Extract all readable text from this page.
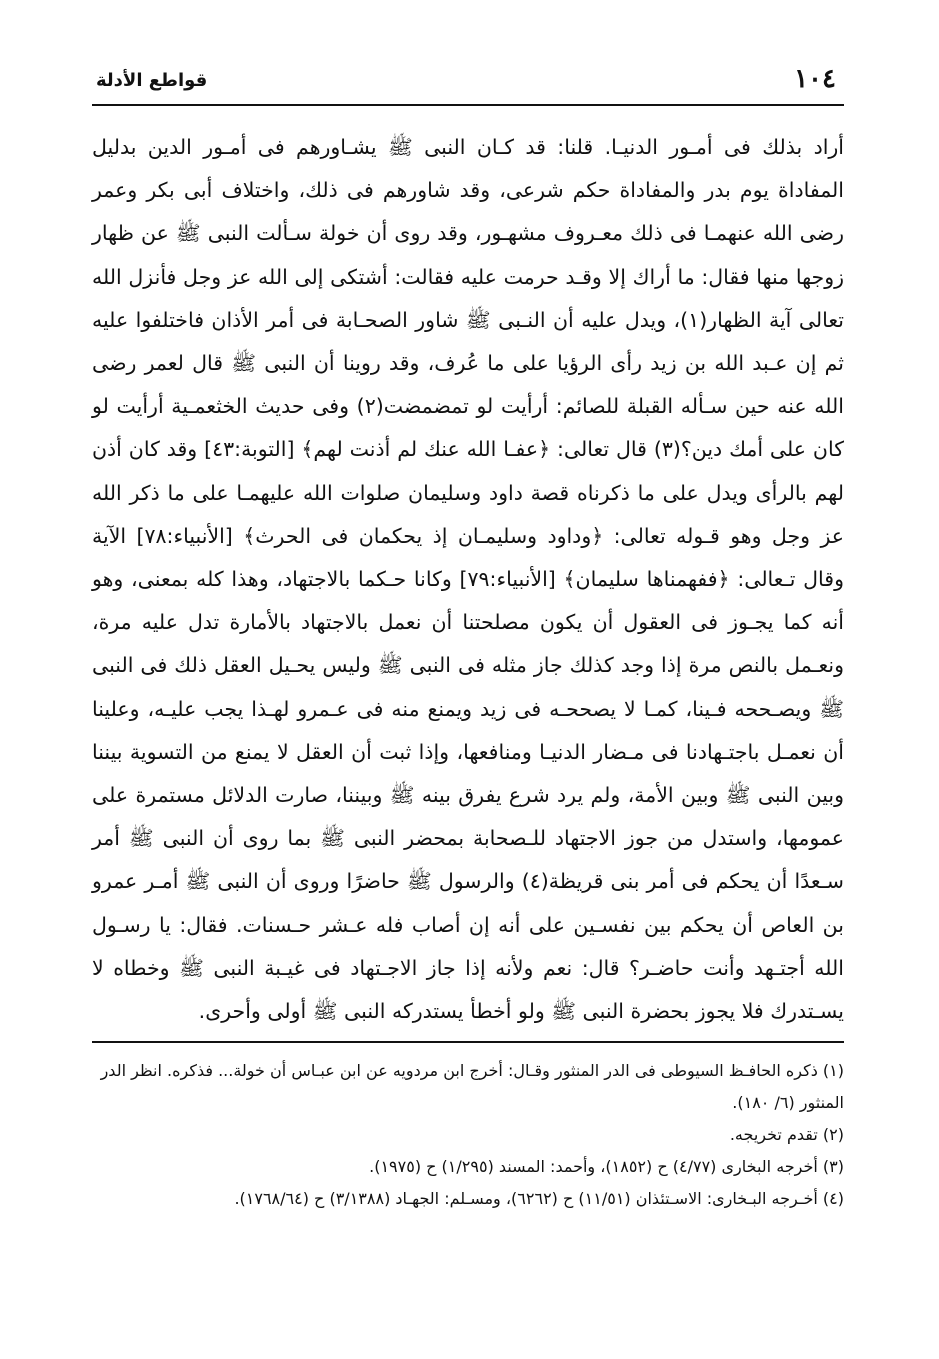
١٠٤
قواطع الأدلة

أراد بذلك فى أمـور الدنيـا. قلنا: قد كـان النبى ﷺ يشـاورهم فى أمـور الدين بدليل المفاداة يوم بدر والمفاداة حكم شرعى، وقد شاورهم فى ذلك، واختلاف أبى بكر وعمر رضى الله عنهمـا فى ذلك معـروف مشهـور، وقد روى أن خولة سـألت النبى ﷺ عن ظهار زوجها منها فقال: ما أراك إلا وقـد حرمت عليه فقالت: أشتكى إلى الله عز وجل فأنزل الله تعالى آية الظهار(١)، ويدل عليه أن النـبى ﷺ شاور الصحـابة فى أمر الأذان فاختلفوا عليه ثم إن عـبد الله بن زيد رأى الرؤيا على ما عُرف، وقد روينا أن النبى ﷺ قال لعمر رضى الله عنه حين سـأله القبلة للصائم: أرأيت لو تمضمضت(٢) وفى حديث الخثعمـية أرأيت لو كان على أمك دين؟(٣) قال تعالى: ﴿عفـا الله عنك لم أذنت لهم﴾ [التوبة:٤٣] وقد كان أذن لهم بالرأى ويدل على ما ذكرناه قصة داود وسليمان صلوات الله عليهمـا على ما ذكر الله عز وجل وهو قـوله تعالى: ﴿وداود وسليمـان إذ يحكمان فى الحرث﴾ [الأنبياء:٧٨] الآية وقال تـعالى: ﴿ففهمناها سليمان﴾ [الأنبياء:٧٩] وكانا حـكما بالاجتهاد، وهذا كله بمعنى، وهو أنه كما يجـوز فى العقول أن يكون مصلحتنا أن نعمل بالاجتهاد بالأمارة تدل عليه مرة، ونعـمل بالنص مرة إذا وجد كذلك جاز مثله فى النبى ﷺ وليس يحـيل العقل ذلك فى النبى ﷺ ويصـححه فـينا، كمـا لا يصححـه فى زيد ويمنع منه فى عـمرو لهـذا يجب عليـه، وعلينا أن نعمـل باجتـهادنا فى مـضار الدنيـا ومنافعها، وإذا ثبت أن العقل لا يمنع من التسوية بيننا وبين النبى ﷺ وبين الأمة، ولم يرد شرع يفرق بينه ﷺ وبيننا، صارت الدلائل مستمرة على عمومها، واستدل من جوز الاجتهاد للـصحابة بمحضر النبى ﷺ بما روى أن النبى ﷺ أمر سـعدًا أن يحكم فى أمر بنى قريظة(٤) والرسول ﷺ حاضرًا وروى أن النبى ﷺ أمـر عمرو بن العاص أن يحكم بين نفسـين على أنه إن أصاب فله عـشر حـسنات. فقال: يا رسـول الله أجتـهد وأنت حاضـر؟ قال: نعم ولأنه إذا جاز الاجـتهاد فى غيـبة النبى ﷺ وخطاه لا يسـتدرك فلا يجوز بحضرة النبى ﷺ ولو أخطأ يستدركه النبى ﷺ أولى وأحرى.

(١) ذكره الحافـظ السيوطى فى الدر المنثور وقـال: أخرج ابن مردويه عن ابن عبـاس أن خولة... فذكره. انظر الدر المنثور (٦/ ١٨٠).

(٢) تقدم تخريجه.

(٣) أخرجه البخارى (٤/٧٧) ح (١٨٥٢)، وأحمد: المسند (١/٢٩٥) ح (١٩٧٥).

(٤) أخـرجه البـخارى: الاسـتئذان (١١/٥١) ح (٦٢٦٢)، ومسـلم: الجهـاد (٣/١٣٨٨) ح (١٧٦٨/٦٤).
